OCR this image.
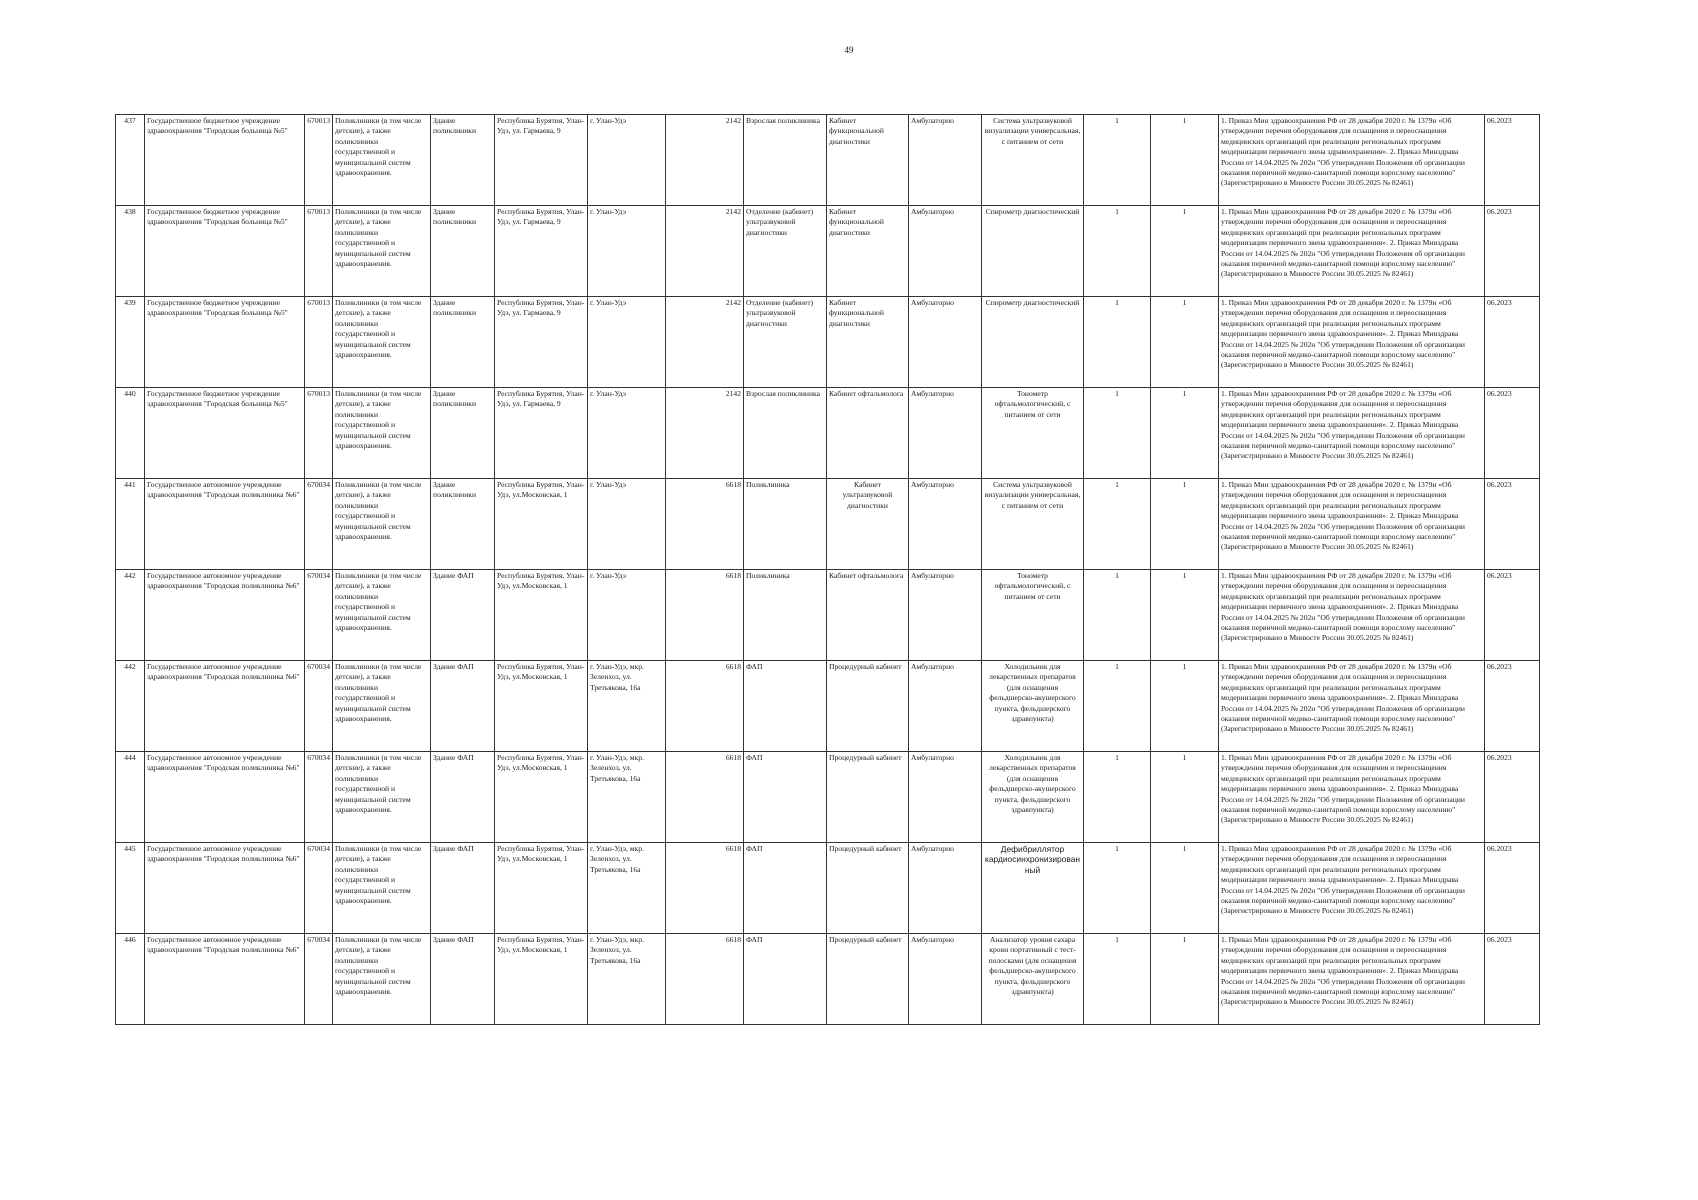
49
437	Государственное бюджетное учреждение здравоохранения "Городская больница №5"	670013	Поликлиники (в том числе детские), а также поликлиники государственной и муниципальной систем здравоохранения.	Здание поликлиники	Республика Бурятия, Улан-Удэ, ул. Гармаева, 9	г. Улан-Удэ	2142	Взрослая поликлиника	Кабинет функциональной диагностики	Амбулаторно	Система ультразвуковой визуализации универсальная, с питанием от сети	1	1	1. Приказ Мин здравоохранения РФ от 28 декабря 2020 г. № 1379н «Об утверждении перечня оборудования для оснащения и переоснащения медицинских организаций при реализации региональных программ модернизации первичного звена здравоохранения». 2. Приказ Минздрава России от 14.04.2025 № 202н "Об утверждении Положения об организации оказания первичной медико-санитарной помощи взрослому населению" (Зарегистрировано в Минюсте России 30.05.2025 № 82461)	06.2023
438	Государственное бюджетное учреждение здравоохранения "Городская больница №5"	670013	Поликлиники (в том числе детские), а также поликлиники государственной и муниципальной систем здравоохранения.	Здание поликлиники	Республика Бурятия, Улан-Удэ, ул. Гармаева, 9	г. Улан-Удэ	2142	Отделение (кабинет) ультразвуковой диагностики	Кабинет функциональной диагностики	Амбулаторно	Спирометр диагностический	1	1	1. Приказ Мин здравоохранения РФ от 28 декабря 2020 г. № 1379н «Об утверждении перечня оборудования для оснащения и переоснащения медицинских организаций при реализации региональных программ модернизации первичного звена здравоохранения». 2. Приказ Минздрава России от 14.04.2025 № 202н "Об утверждении Положения об организации оказания первичной медико-санитарной помощи взрослому населению" (Зарегистрировано в Минюсте России 30.05.2025 № 82461)	06.2023
439	Государственное бюджетное учреждение здравоохранения "Городская больница №5"	670013	Поликлиники (в том числе детские), а также поликлиники государственной и муниципальной систем здравоохранения.	Здание поликлиники	Республика Бурятия, Улан-Удэ, ул. Гармаева, 9	г. Улан-Удэ	2142	Отделение (кабинет) ультразвуковой диагностики	Кабинет функциональной диагностики	Амбулаторно	Спирометр диагностический	1	1	1. Приказ Мин здравоохранения РФ от 28 декабря 2020 г. № 1379н «Об утверждении перечня оборудования для оснащения и переоснащения медицинских организаций при реализации региональных программ модернизации первичного звена здравоохранения». 2. Приказ Минздрава России от 14.04.2025 № 202н "Об утверждении Положения об организации оказания первичной медико-санитарной помощи взрослому населению" (Зарегистрировано в Минюсте России 30.05.2025 № 82461)	06.2023
440	Государственное бюджетное учреждение здравоохранения "Городская больница №5"	670013	Поликлиники (в том числе детские), а также поликлиники государственной и муниципальной систем здравоохранения.	Здание поликлиники	Республика Бурятия, Улан-Удэ, ул. Гармаева, 9	г. Улан-Удэ	2142	Взрослая поликлиника	Кабинет офтальмолога	Амбулаторно	Тонометр офтальмологический, с питанием от сети	1	1	1. Приказ Мин здравоохранения РФ от 28 декабря 2020 г. № 1379н «Об утверждении перечня оборудования для оснащения и переоснащения медицинских организаций при реализации региональных программ модернизации первичного звена здравоохранения». 2. Приказ Минздрава России от 14.04.2025 № 202н "Об утверждении Положения об организации оказания первичной медико-санитарной помощи взрослому населению" (Зарегистрировано в Минюсте России 30.05.2025 № 82461)	06.2023
441	Государственное автономное учреждение здравоохранения "Городская поликлиника №6"	670034	Поликлиники (в том числе детские), а также поликлиники государственной и муниципальной систем здравоохранения.	Здание поликлиники	Республика Бурятия, Улан-Удэ, ул.Московская, 1	г. Улан-Удэ	6618	Поликлиника	Кабинет ультразвуковой диагностики	Амбулаторно	Система ультразвуковой визуализации универсальная, с питанием от сети	1	1	1. Приказ Мин здравоохранения РФ от 28 декабря 2020 г. № 1379н «Об утверждении перечня оборудования для оснащения и переоснащения медицинских организаций при реализации региональных программ модернизации первичного звена здравоохранения». 2. Приказ Минздрава России от 14.04.2025 № 202н "Об утверждении Положения об организации оказания первичной медико-санитарной помощи взрослому населению" (Зарегистрировано в Минюсте России 30.05.2025 № 82461)	06.2023
442	Государственное автономное учреждение здравоохранения "Городская поликлиника №6"	670034	Поликлиники (в том числе детские), а также поликлиники государственной и муниципальной систем здравоохранения.	Здание ФАП	Республика Бурятия, Улан-Удэ, ул.Московская, 1	г. Улан-Удэ	6618	Поликлиника	Кабинет офтальмолога	Амбулаторно	Тонометр офтальмологический, с питанием от сети	1	1	1. Приказ Мин здравоохранения РФ от 28 декабря 2020 г. № 1379н «Об утверждении перечня оборудования для оснащения и переоснащения медицинских организаций при реализации региональных программ модернизации первичного звена здравоохранения». 2. Приказ Минздрава России от 14.04.2025 № 202н "Об утверждении Положения об организации оказания первичной медико-санитарной помощи взрослому населению" (Зарегистрировано в Минюсте России 30.05.2025 № 82461)	06.2023
442	Государственное автономное учреждение здравоохранения "Городская поликлиника №6"	670034	Поликлиники (в том числе детские), а также поликлиники государственной и муниципальной систем здравоохранения.	Здание ФАП	Республика Бурятия, Улан-Удэ, ул.Московская, 1	г. Улан-Удэ, мкр. Зеленхоз, ул. Третьякова, 16а	6618	ФАП	Процедурный кабинет	Амбулаторно	Холодильник для лекарственных препаратов (для оснащения фельдшерско-акушерского пункта, фельдшерского здравпункта)	1	1	1. Приказ Мин здравоохранения РФ от 28 декабря 2020 г. № 1379н «Об утверждении перечня оборудования для оснащения и переоснащения медицинских организаций при реализации региональных программ модернизации первичного звена здравоохранения». 2. Приказ Минздрава России от 14.04.2025 № 202н "Об утверждении Положения об организации оказания первичной медико-санитарной помощи взрослому населению" (Зарегистрировано в Минюсте России 30.05.2025 № 82461)	06.2023
444	Государственное автономное учреждение здравоохранения "Городская поликлиника №6"	670034	Поликлиники (в том числе детские), а также поликлиники государственной и муниципальной систем здравоохранения.	Здание ФАП	Республика Бурятия, Улан-Удэ, ул.Московская, 1	г. Улан-Удэ, мкр. Зеленхоз, ул. Третьякова, 16а	6618	ФАП	Процедурный кабинет	Амбулаторно	Холодильник для лекарственных препаратов (для оснащения фельдшерско-акушерского пункта, фельдшерского здравпункта)	1	1	1. Приказ Мин здравоохранения РФ от 28 декабря 2020 г. № 1379н «Об утверждении перечня оборудования для оснащения и переоснащения медицинских организаций при реализации региональных программ модернизации первичного звена здравоохранения». 2. Приказ Минздрава России от 14.04.2025 № 202н "Об утверждении Положения об организации оказания первичной медико-санитарной помощи взрослому населению" (Зарегистрировано в Минюсте России 30.05.2025 № 82461)	06.2023
445	Государственное автономное учреждение здравоохранения "Городская поликлиника №6"	670034	Поликлиники (в том числе детские), а также поликлиники государственной и муниципальной систем здравоохранения.	Здание ФАП	Республика Бурятия, Улан-Удэ, ул.Московская, 1	г. Улан-Удэ, мкр. Зеленхоз, ул. Третьякова, 16а	6618	ФАП	Процедурный кабинет	Амбулаторно	Дефибриллятор кардиосинхронизированный	1	1	1. Приказ Мин здравоохранения РФ от 28 декабря 2020 г. № 1379н «Об утверждении перечня оборудования для оснащения и переоснащения медицинских организаций при реализации региональных программ модернизации первичного звена здравоохранения». 2. Приказ Минздрава России от 14.04.2025 № 202н "Об утверждении Положения об организации оказания первичной медико-санитарной помощи взрослому населению" (Зарегистрировано в Минюсте России 30.05.2025 № 82461)	06.2023
446	Государственное автономное учреждение здравоохранения "Городская поликлиника №6"	670034	Поликлиники (в том числе детские), а также поликлиники государственной и муниципальной систем здравоохранения.	Здание ФАП	Республика Бурятия, Улан-Удэ, ул.Московская, 1	г. Улан-Удэ, мкр. Зеленхоз, ул. Третьякова, 16а	6618	ФАП	Процедурный кабинет	Амбулаторно	Анализатор уровня сахара крови портативный с тест-полосками (для оснащения фельдшерско-акушерского пункта, фельдшерского здравпункта)	1	1	1. Приказ Мин здравоохранения РФ от 28 декабря 2020 г. № 1379н «Об утверждении перечня оборудования для оснащения и переоснащения медицинских организаций при реализации региональных программ модернизации первичного звена здравоохранения». 2. Приказ Минздрава России от 14.04.2025 № 202н "Об утверждении Положения об организации оказания первичной медико-санитарной помощи взрослому населению" (Зарегистрировано в Минюсте России 30.05.2025 № 82461)	06.2023
